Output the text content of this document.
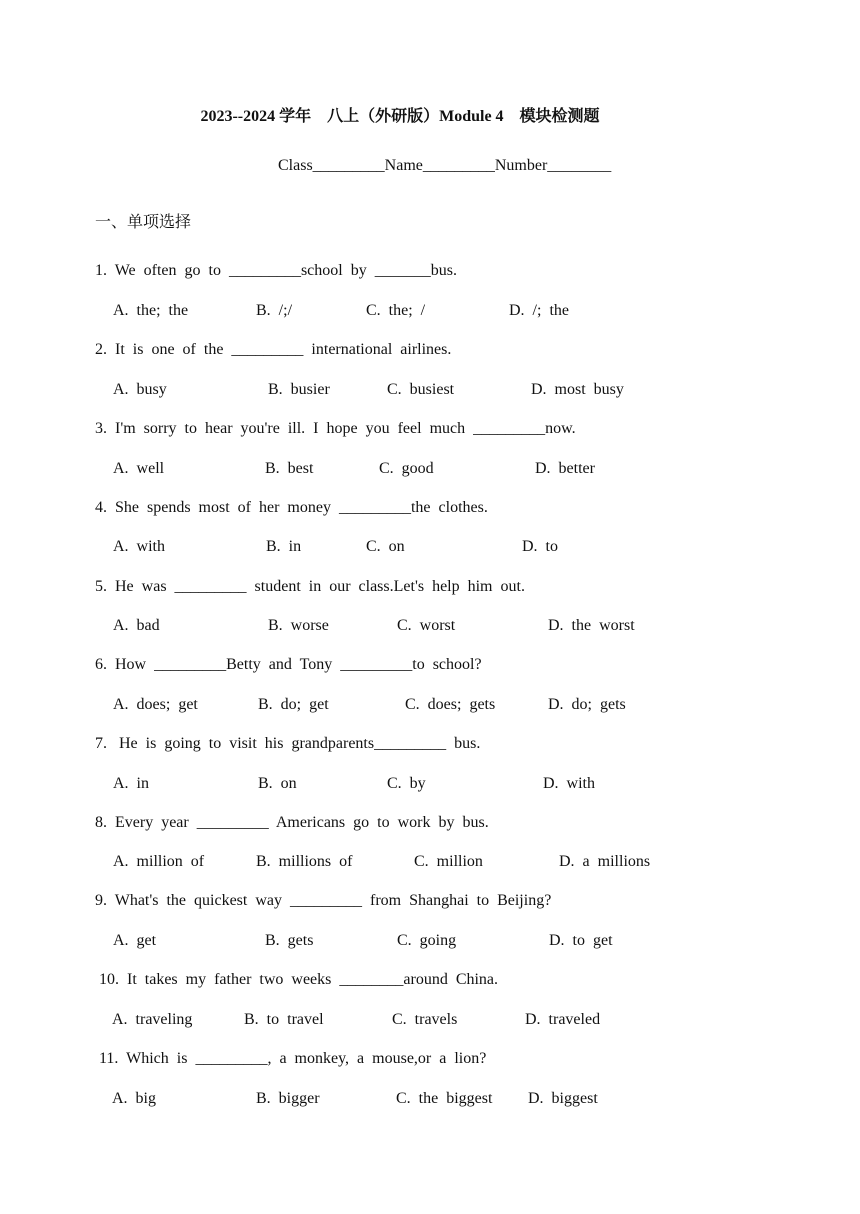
2023--2024 学年　八上（外研版）Module 4　模块检测题
Class_________Name_________Number________
一、单项选择
1.  We  often  go  to  _________school  by  _______bus.
A.  the;  the	B.  /;/	C.  the;  /	D.  /;  the
2.  It  is  one  of  the  _________  international  airlines.
A.  busy	B.  busier	C.  busiest	D.  most  busy
3.  I'm  sorry  to  hear  you're  ill.  I  hope  you  feel  much  _________now.
A.  well	B.  best	C.  good	D.  better
4.  She  spends  most  of  her  money  _________the  clothes.
A.  with	B.  in	C.  on	D.  to
5.  He  was  _________  student  in  our  class.Let's  help  him  out.
A.  bad	B.  worse	C.  worst	D.  the  worst
6.  How  _________Betty  and  Tony  _________to  school?
A.  does;  get	B.  do;  get	C.  does;  gets	D.  do;  gets
7.   He  is  going  to  visit  his  grandparents_________  bus.
A.  in	B.  on	C.  by	D.  with
8.  Every  year  _________  Americans  go  to  work  by  bus.
A.  million  of	B.  millions  of	C.  million	D.  a  millions
9.  What's  the  quickest  way  _________  from  Shanghai  to  Beijing?
A.  get	B.  gets	C.  going	D.  to  get
10.  It  takes  my  father  two  weeks  ________around  China.
A.  traveling	B.  to  travel	C.  travels	D.  traveled
11.  Which  is  _________,  a  monkey,  a  mouse,or  a  lion?
A.  big	B.  bigger	C.  the  biggest D.  biggest
